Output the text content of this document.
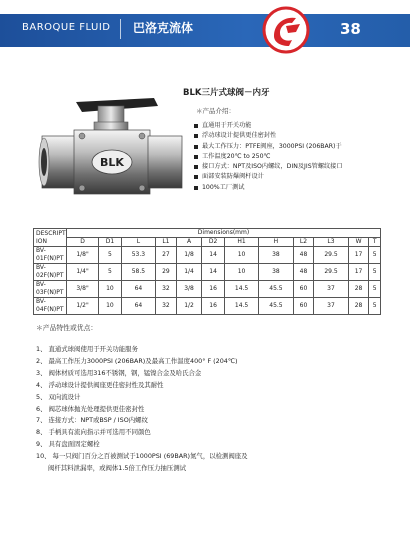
BAROQUE FLUID 巴洛克流体	38
BLK
BLK三片式球阀－内牙
＊产品介绍：
直通用于开关功能
浮动球设计提供更佳密封性
最大工作压力：PTFE阀座，3000PSI (206BAR)于
工作温度20℃ to 250℃
接口方式：NPT及ISO内螺纹，DIN及JIS管螺纹接口
面部安装防爆阀杆设计
100%工厂测试
DESCRIPT
ION	Dimensions(mm)											
	D	D1	L	L1	A	D2	H1	H	L2	L3	W	T
BV-
01F(N)PT	1/8"	5	53.3	27	1/8	14	10	38	48	29.5	17	5
BV-
02F(N)PT	1/4"	5	58.5	29	1/4	14	10	38	48	29.5	17	5
BV-
03F(N)PT	3/8"	10	64	32	3/8	16	14.5	45.5	60	37	28	5
BV-
04F(N)PT	1/2"	10	64	32	1/2	16	14.5	45.5	60	37	28	5
＊产品特性或优点：
1、 直通式球阀使用于开关功能服务
2、 最高工作压力3000PSI (206BAR)及最高工作温度400° F (204℃)
3、 阀体材质可选用316不锈钢，钢，锰镍合金及哈氏合金
4、 浮动球设计提供阀座更佳密封性及其耐性
5、 双向流设计
6、 阀芯球体抛光处理提供更佳密封性
7、 连接方式：NPT或BSP / ISO内螺纹
8、 手柄具有流向指示并可选用不同颜色
9、 具有盘面固定螺栓
10、 每一只阀门百分之百被测试于1000PSI (69BAR)氮气，以检测阀座及
阀杆其料泄漏率，或阀体1.5倍工作压力抽压测试
